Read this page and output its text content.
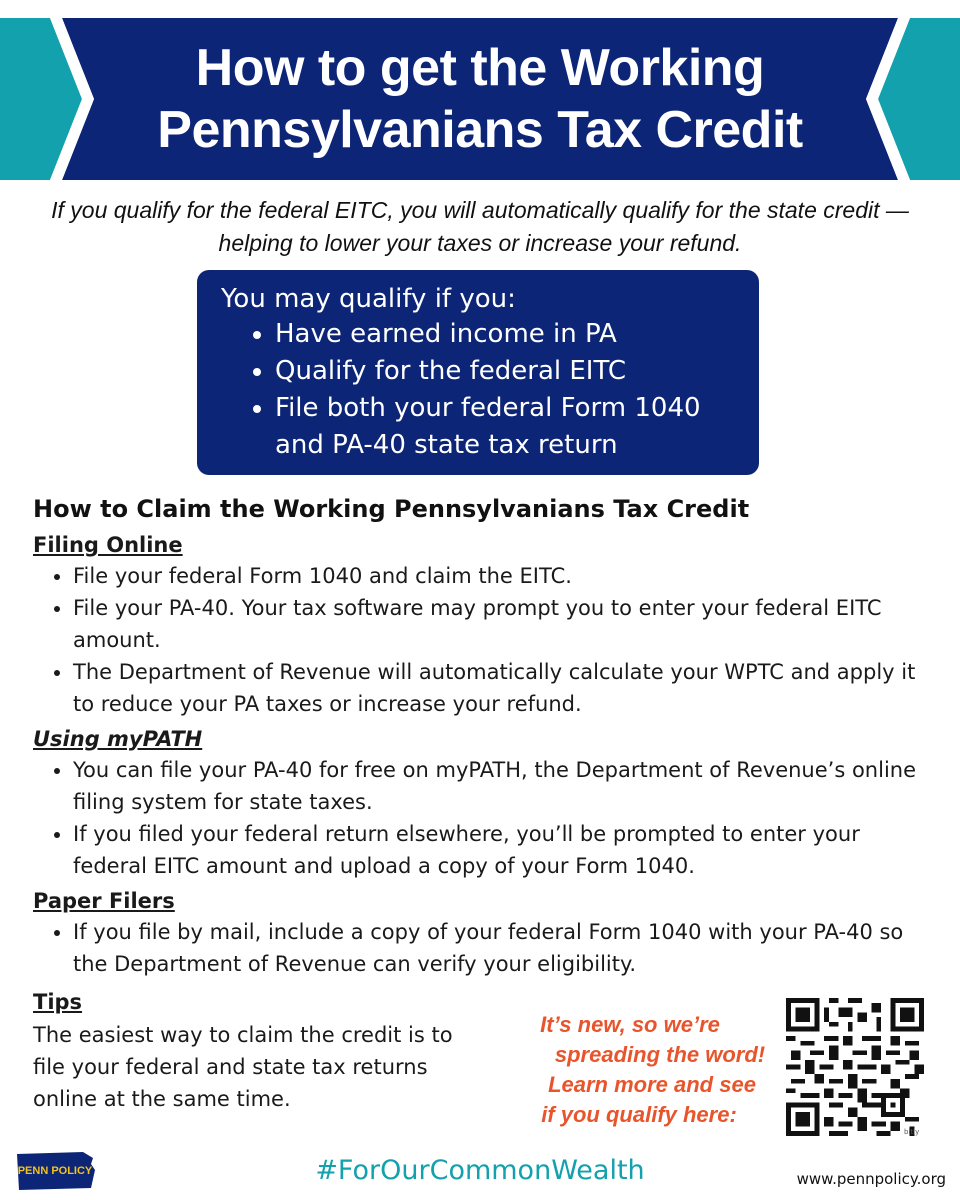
How to get the Working Pennsylvanians Tax Credit
If you qualify for the federal EITC, you will automatically qualify for the state credit — helping to lower your taxes or increase your refund.

You may qualify if you:

• Have earned income in PA
• Qualify for the federal EITC
• File both your federal Form 1040 and PA-40 state tax return
How to Claim the Working Pennsylvanians Tax Credit

Filing Online

• File your federal Form 1040 and claim the EITC.
• File your PA-40. Your tax software may prompt you to enter your federal EITC amount.
• The Department of Revenue will automatically calculate your WPTC and apply it to reduce your PA taxes or increase your refund.

Using myPATH

• You can file your PA-40 for free on myPATH, the Department of Revenue’s online filing system for state taxes.
• If you filed your federal return elsewhere, you’ll be prompted to enter your federal EITC amount and upload a copy of your Form 1040.

Paper Filers

• If you file by mail, include a copy of your federal Form 1040 with your PA-40 so the Department of Revenue can verify your eligibility.

Tips

The easiest way to claim the credit is to file your federal and state tax returns online at the same time.

It’s new, so we’re
spreading the word!
Learn more and see
if you qualify here:
bitly
PENN POLICY	#ForOurCommonWealth	www.pennpolicy.org
